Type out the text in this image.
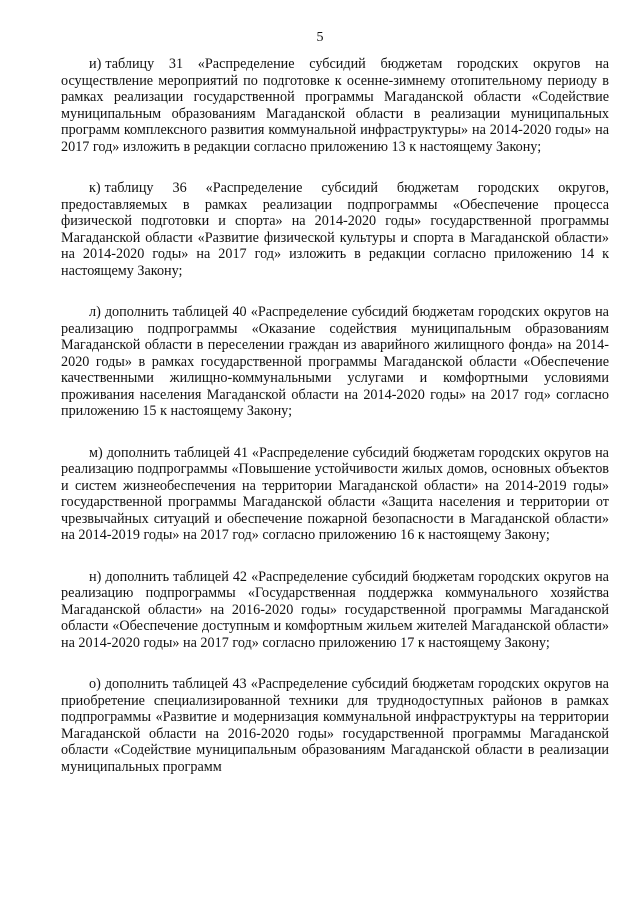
5

и) таблицу 31 «Распределение субсидий бюджетам городских округов на осуществление мероприятий по подготовке к осенне-зимнему отопительному периоду в рамках реализации государственной программы Магаданской области «Содействие муниципальным образованиям Магаданской области в реализации муниципальных программ комплексного развития коммунальной инфраструктуры» на 2014-2020 годы» на 2017 год» изложить в редакции согласно приложению 13 к настоящему Закону;

к) таблицу 36 «Распределение субсидий бюджетам городских округов, предоставляемых в рамках реализации подпрограммы «Обеспечение процесса физической подготовки и спорта» на 2014-2020 годы» государственной программы Магаданской области «Развитие физической культуры и спорта в Магаданской области» на 2014-2020 годы» на 2017 год» изложить в редакции согласно приложению 14 к настоящему Закону;

л) дополнить таблицей 40 «Распределение субсидий бюджетам городских округов на реализацию подпрограммы «Оказание содействия муниципальным образованиям Магаданской области в переселении граждан из аварийного жилищного фонда» на 2014-2020 годы» в рамках государственной программы Магаданской области «Обеспечение качественными жилищно-коммунальными услугами и комфортными условиями проживания населения Магаданской области на 2014-2020 годы» на 2017 год» согласно приложению 15 к настоящему Закону;

м) дополнить таблицей 41 «Распределение субсидий бюджетам городских округов на реализацию подпрограммы «Повышение устойчивости жилых домов, основных объектов и систем жизнеобеспечения на территории Магаданской области» на 2014-2019 годы» государственной программы Магаданской области «Защита населения и территории от чрезвычайных ситуаций и обеспечение пожарной безопасности в Магаданской области» на 2014-2019 годы» на 2017 год» согласно приложению 16 к настоящему Закону;

н) дополнить таблицей 42 «Распределение субсидий бюджетам городских округов на реализацию подпрограммы «Государственная поддержка коммунального хозяйства Магаданской области» на 2016-2020 годы» государственной программы Магаданской области «Обеспечение доступным и комфортным жильем жителей Магаданской области» на 2014-2020 годы» на 2017 год» согласно приложению 17 к настоящему Закону;

о) дополнить таблицей 43 «Распределение субсидий бюджетам городских округов на приобретение специализированной техники для труднодоступных районов в рамках подпрограммы «Развитие и модернизация коммунальной инфраструктуры на территории Магаданской области на 2016-2020 годы» государственной программы Магаданской области «Содействие муниципальным образованиям Магаданской области в реализации муниципальных программ
